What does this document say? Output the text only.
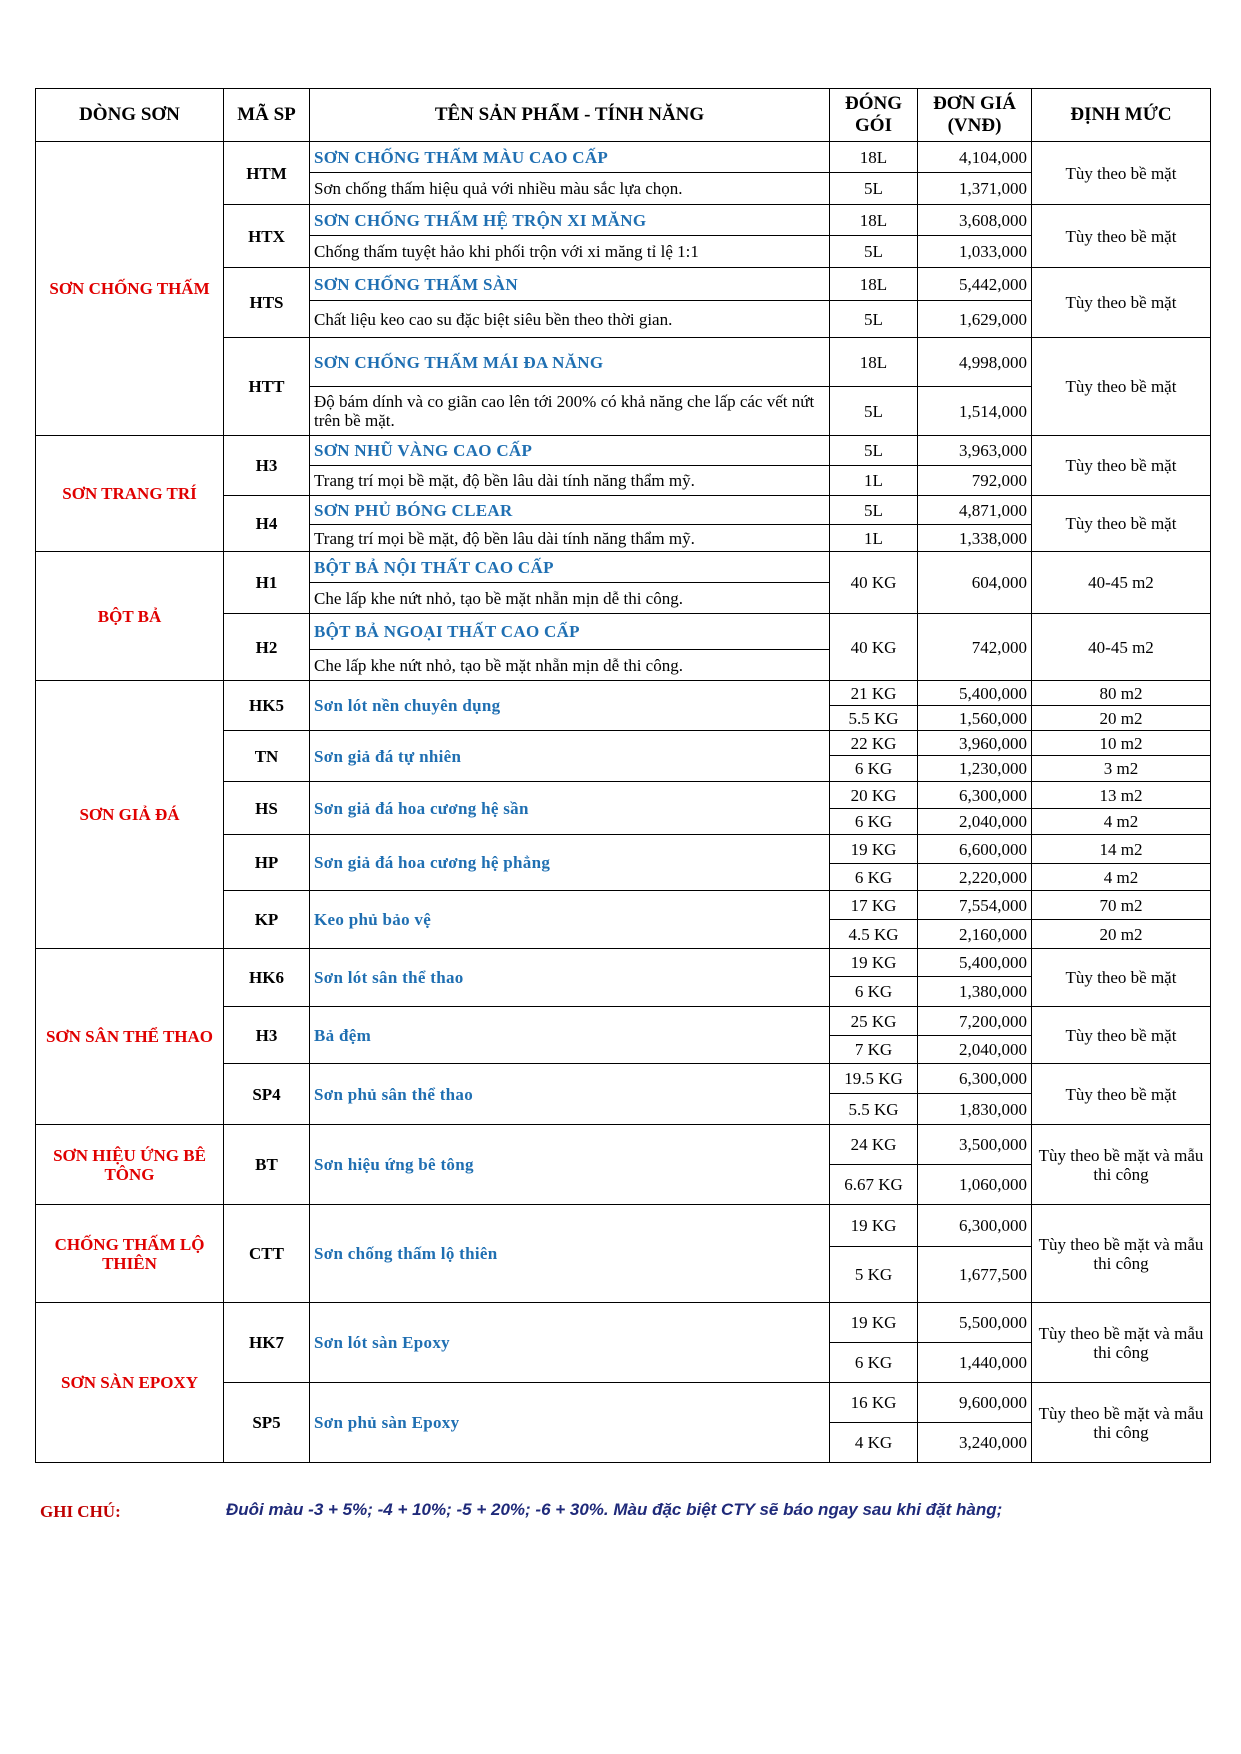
DÒNG SƠN	MÃ SP	TÊN SẢN PHẨM - TÍNH NĂNG	ĐÓNG GÓI	ĐƠN GIÁ (VNĐ)	ĐỊNH MỨC
SƠN CHỐNG THẤM	HTM	SƠN CHỐNG THẤM MÀU CAO CẤP	18L	4,104,000	Tùy theo bề mặt
		Sơn chống thấm hiệu quả với nhiều màu sắc lựa chọn.	5L	1,371,000	
	HTX	SƠN CHỐNG THẤM HỆ TRỘN XI MĂNG	18L	3,608,000	Tùy theo bề mặt
		Chống thấm tuyệt hảo khi phối trộn với xi măng tỉ lệ 1:1	5L	1,033,000	
	HTS	SƠN CHỐNG THẤM SÀN	18L	5,442,000	Tùy theo bề mặt
		Chất liệu keo cao su đặc biệt siêu bền theo thời gian.	5L	1,629,000	
	HTT	SƠN CHỐNG THẤM MÁI ĐA NĂNG	18L	4,998,000	Tùy theo bề mặt
		Độ bám dính và co giãn cao lên tới 200% có khả năng che lấp các vết nứt trên bề mặt.	5L	1,514,000	
SƠN TRANG TRÍ	H3	SƠN NHŨ VÀNG CAO CẤP	5L	3,963,000	Tùy theo bề mặt
		Trang trí mọi bề mặt, độ bền lâu dài tính năng thẩm mỹ.	1L	792,000	
	H4	SƠN PHỦ BÓNG CLEAR	5L	4,871,000	Tùy theo bề mặt
		Trang trí mọi bề mặt, độ bền lâu dài tính năng thẩm mỹ.	1L	1,338,000	
BỘT BẢ	H1	BỘT BẢ NỘI THẤT CAO CẤP	40 KG	604,000	40-45 m2
		Che lấp khe nứt nhỏ, tạo bề mặt nhẵn mịn dễ thi công.			
	H2	BỘT BẢ NGOẠI THẤT CAO CẤP	40 KG	742,000	40-45 m2
		Che lấp khe nứt nhỏ, tạo bề mặt nhẵn mịn dễ thi công.			
SƠN GIẢ ĐÁ	HK5	Sơn lót nền chuyên dụng	21 KG	5,400,000	80 m2
			5.5 KG	1,560,000	20 m2
	TN	Sơn giả đá tự nhiên	22 KG	3,960,000	10 m2
			6 KG	1,230,000	3 m2
	HS	Sơn giả đá hoa cương hệ sần	20 KG	6,300,000	13 m2
			6 KG	2,040,000	4 m2
	HP	Sơn giả đá hoa cương hệ phẳng	19 KG	6,600,000	14 m2
			6 KG	2,220,000	4 m2
	KP	Keo phủ bảo vệ	17 KG	7,554,000	70 m2
			4.5 KG	2,160,000	20 m2
SƠN SÂN THỂ THAO	HK6	Sơn lót sân thể thao	19 KG	5,400,000	Tùy theo bề mặt
			6 KG	1,380,000	
	H3	Bả đệm	25 KG	7,200,000	Tùy theo bề mặt
			7 KG	2,040,000	
	SP4	Sơn phủ sân thể thao	19.5 KG	6,300,000	Tùy theo bề mặt
			5.5 KG	1,830,000	
SƠN HIỆU ỨNG BÊ TÔNG	BT	Sơn hiệu ứng bê tông	24 KG	3,500,000	Tùy theo bề mặt và mẫu thi công
			6.67 KG	1,060,000	
CHỐNG THẤM LỘ THIÊN	CTT	Sơn chống thấm lộ thiên	19 KG	6,300,000	Tùy theo bề mặt và mẫu thi công
			5 KG	1,677,500	
SƠN SÀN EPOXY	HK7	Sơn lót sàn Epoxy	19 KG	5,500,000	Tùy theo bề mặt và mẫu thi công
			6 KG	1,440,000	
	SP5	Sơn phủ sàn Epoxy	16 KG	9,600,000	Tùy theo bề mặt và mẫu thi công
			4 KG	3,240,000	
GHI CHÚ:	Đuôi màu -3 + 5%; -4 + 10%; -5 + 20%; -6 + 30%. Màu đặc biệt CTY sẽ báo ngay sau khi đặt hàng;
